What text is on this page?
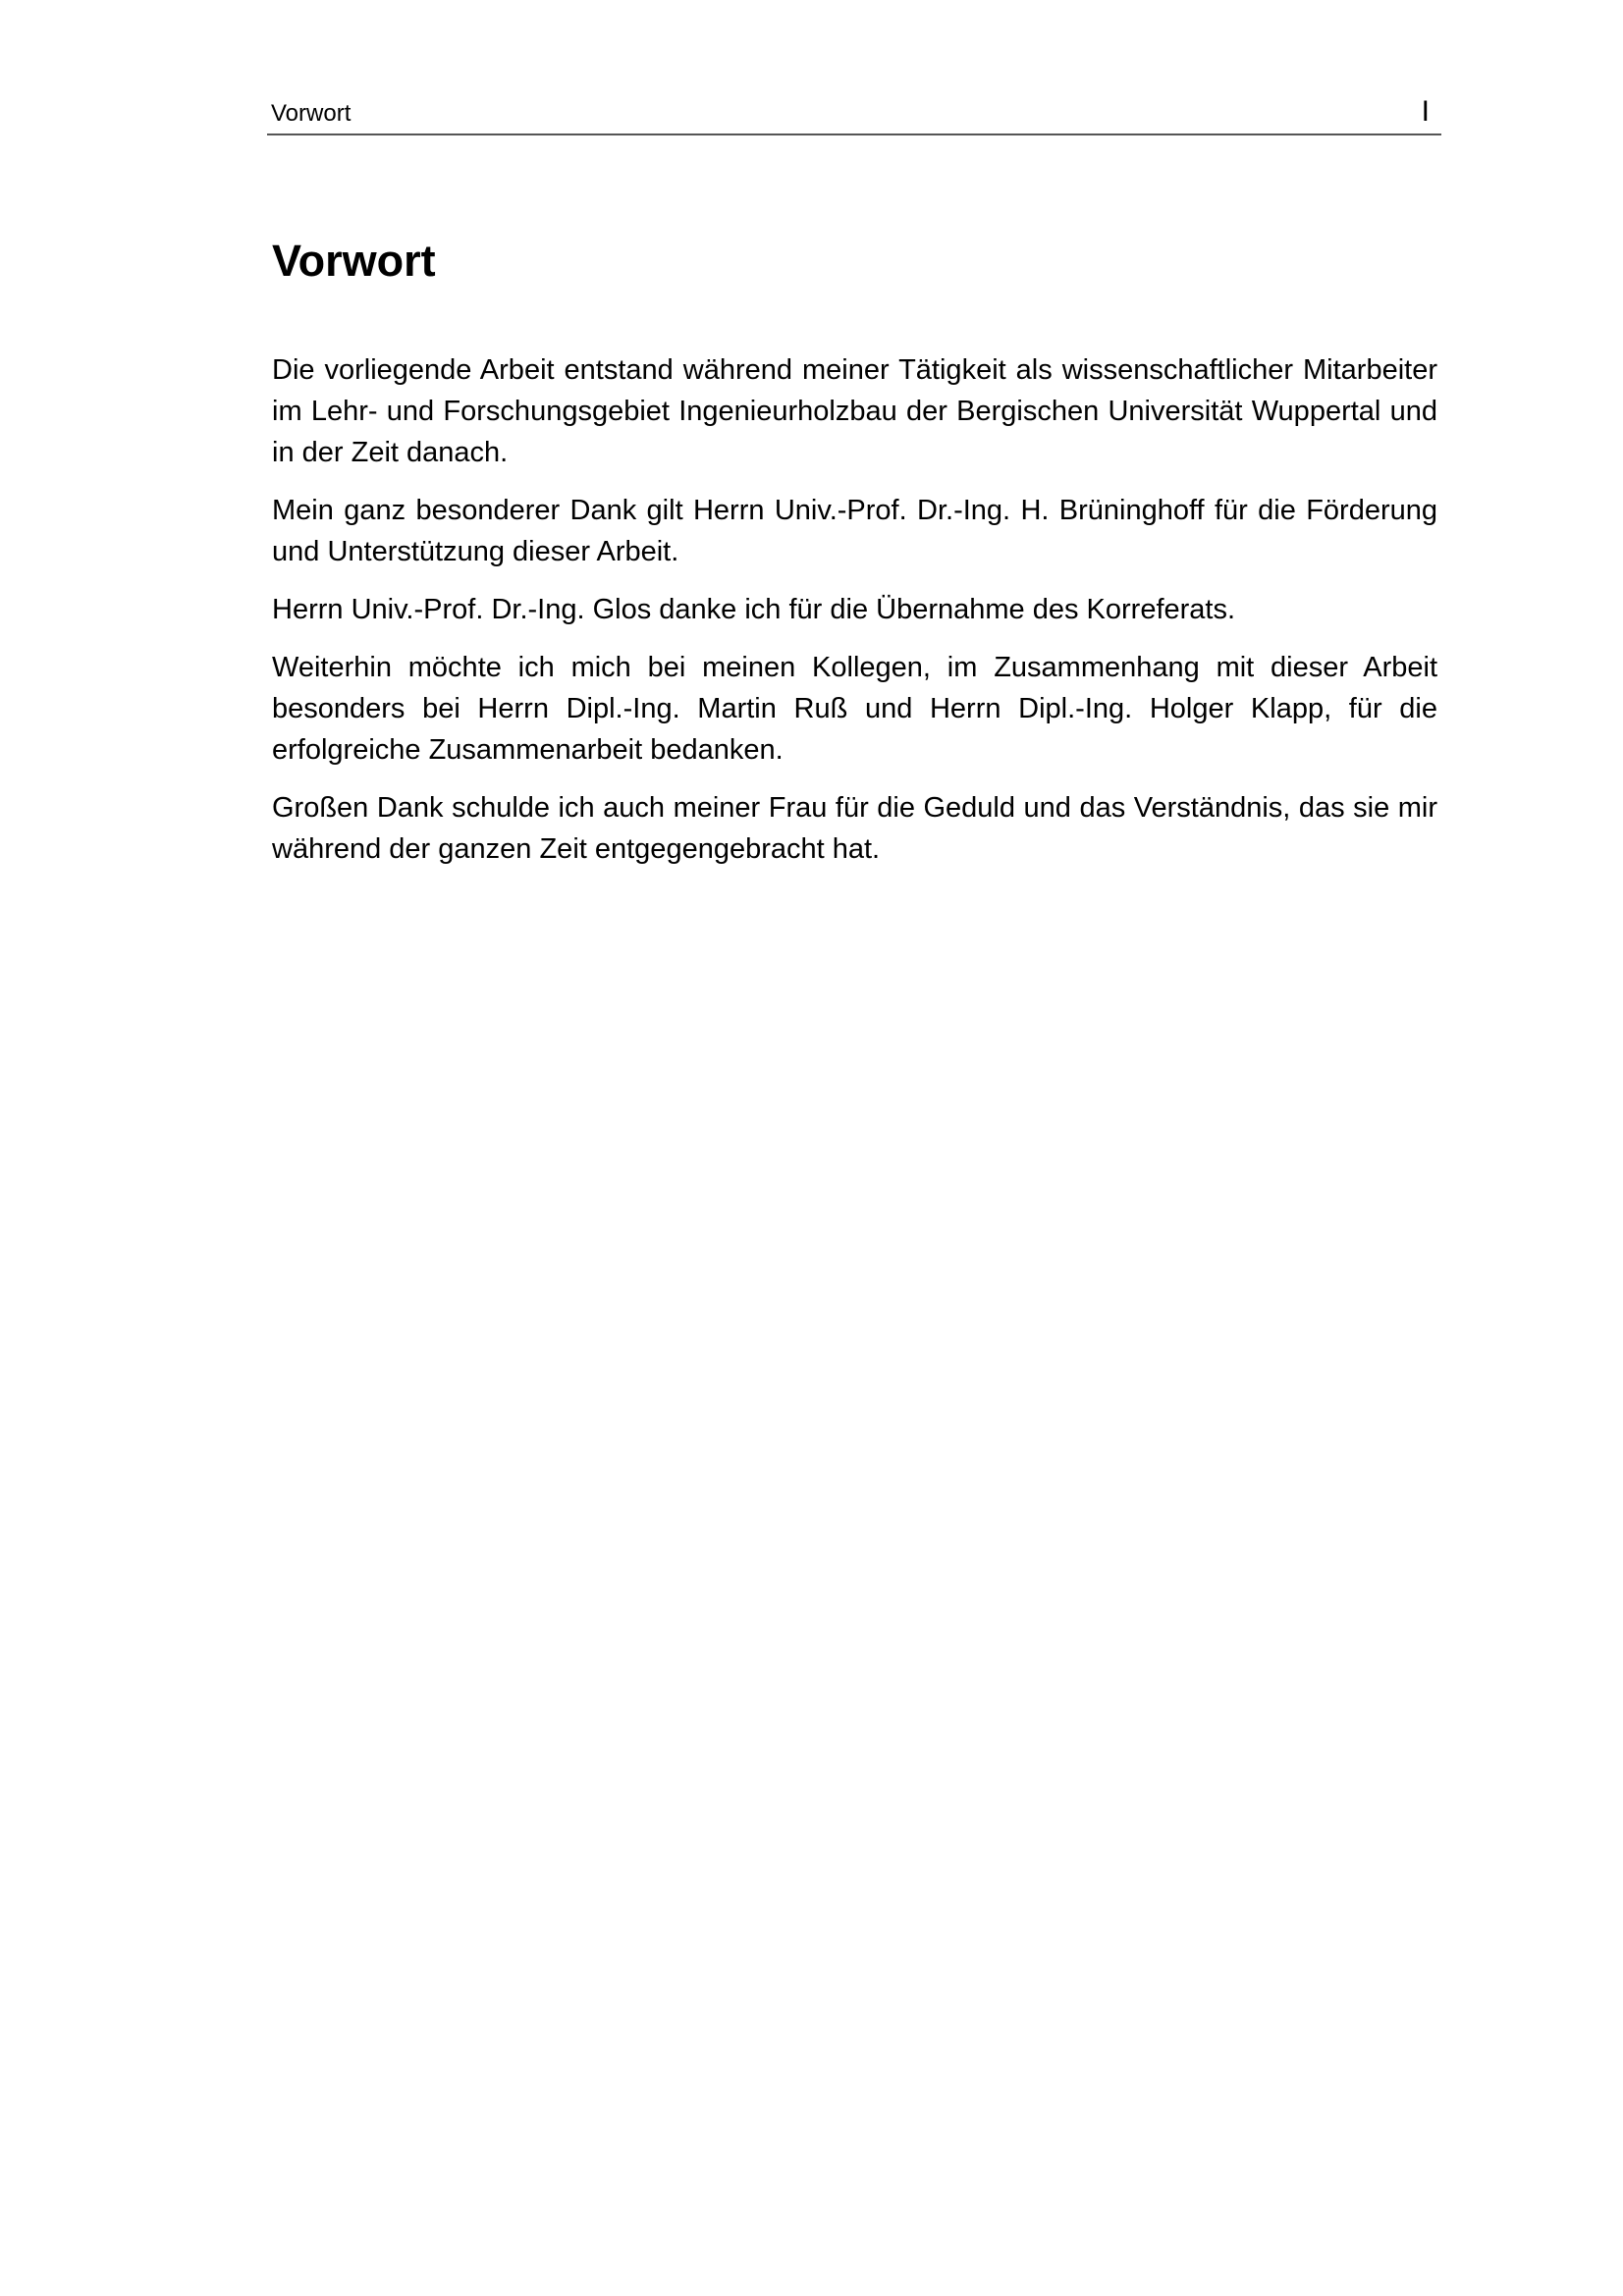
Vorwort	I
Vorwort

Die vorliegende Arbeit entstand während meiner Tätigkeit als wissenschaftlicher Mitarbeiter im Lehr- und Forschungsgebiet Ingenieurholzbau der Bergischen Universität Wuppertal und in der Zeit danach.

Mein ganz besonderer Dank gilt Herrn Univ.-Prof. Dr.-Ing. H. Brüninghoff für die Förderung und Unterstützung dieser Arbeit.

Herrn Univ.-Prof. Dr.-Ing. Glos danke ich für die Übernahme des Korreferats.

Weiterhin möchte ich mich bei meinen Kollegen, im Zusammenhang mit dieser Arbeit besonders bei Herrn Dipl.-Ing. Martin Ruß und Herrn Dipl.-Ing. Holger Klapp, für die erfolgreiche Zusammenarbeit bedanken.

Großen Dank schulde ich auch meiner Frau für die Geduld und das Verständnis, das sie mir während der ganzen Zeit entgegengebracht hat.
